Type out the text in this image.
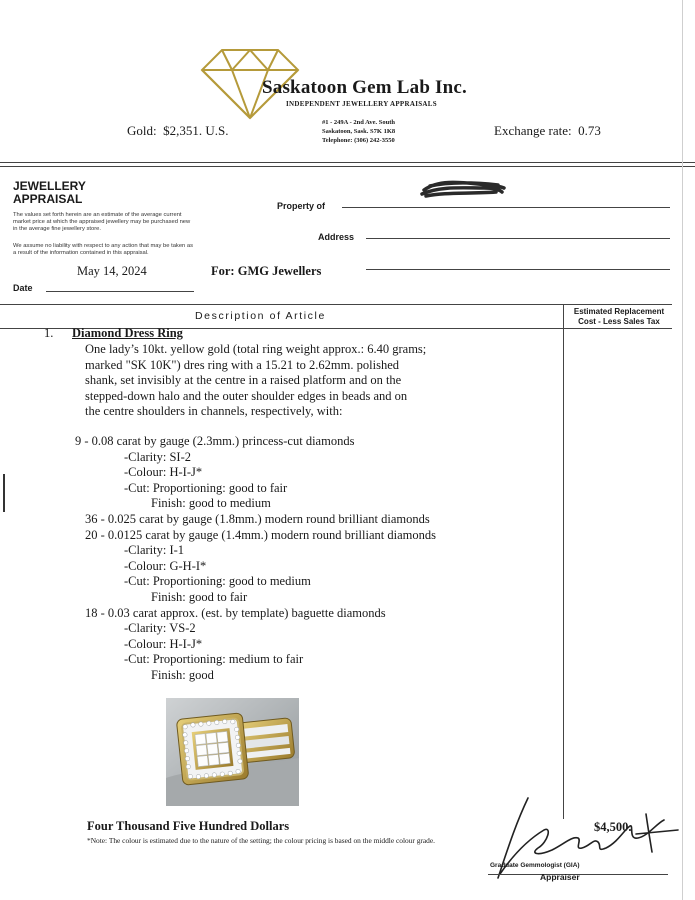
Saskatoon Gem Lab Inc.
INDEPENDENT JEWELLERY APPRAISALS
#1 - 249A - 2nd Ave. South
Saskatoon, Sask. S7K 1K8
Telephone: (306) 242-3550
Gold: $2,351. U.S.	Exchange rate: 0.73
JEWELLERY
APPRAISAL
The values set forth herein are an estimate of the average current market price at which the appraised jewellery may be purchased new in the average fine jewellery store.
We assume no liability with respect to any action that may be taken as a result of the information contained in this appraisal.
Property of
Address
May 14, 2024	For: GMG Jewellers
Date
Description of Article	Estimated Replacement
Cost - Less Sales Tax
1. Diamond Dress Ring

One lady’s 10kt. yellow gold (total ring weight approx.: 6.40 grams;

marked "SK 10K") dres ring with a 15.21 to 2.62mm. polished

shank, set invisibly at the centre in a raised platform and on the

stepped-down halo and the outer shoulder edges in beads and on

the centre shoulders in channels, respectively, with:

9 - 0.08 carat by gauge (2.3mm.) princess-cut diamonds

-Clarity: SI-2

-Colour: H-I-J*

-Cut: Proportioning: good to fair

Finish: good to medium

36 - 0.025 carat by gauge (1.8mm.) modern round brilliant diamonds

20 - 0.0125 carat by gauge (1.4mm.) modern round brilliant diamonds

-Clarity: I-1

-Colour: G-H-I*

-Cut: Proportioning: good to medium

Finish: good to fair

18 - 0.03 carat approx. (est. by template) baguette diamonds

-Clarity: VS-2

-Colour: H-I-J*

-Cut: Proportioning: medium to fair

Finish: good

Four Thousand Five Hundred Dollars	$4,500.
*Note: The colour is estimated due to the nature of the setting; the colour pricing is based on the middle colour grade.
Graduate Gemmologist (GIA)
Appraiser
